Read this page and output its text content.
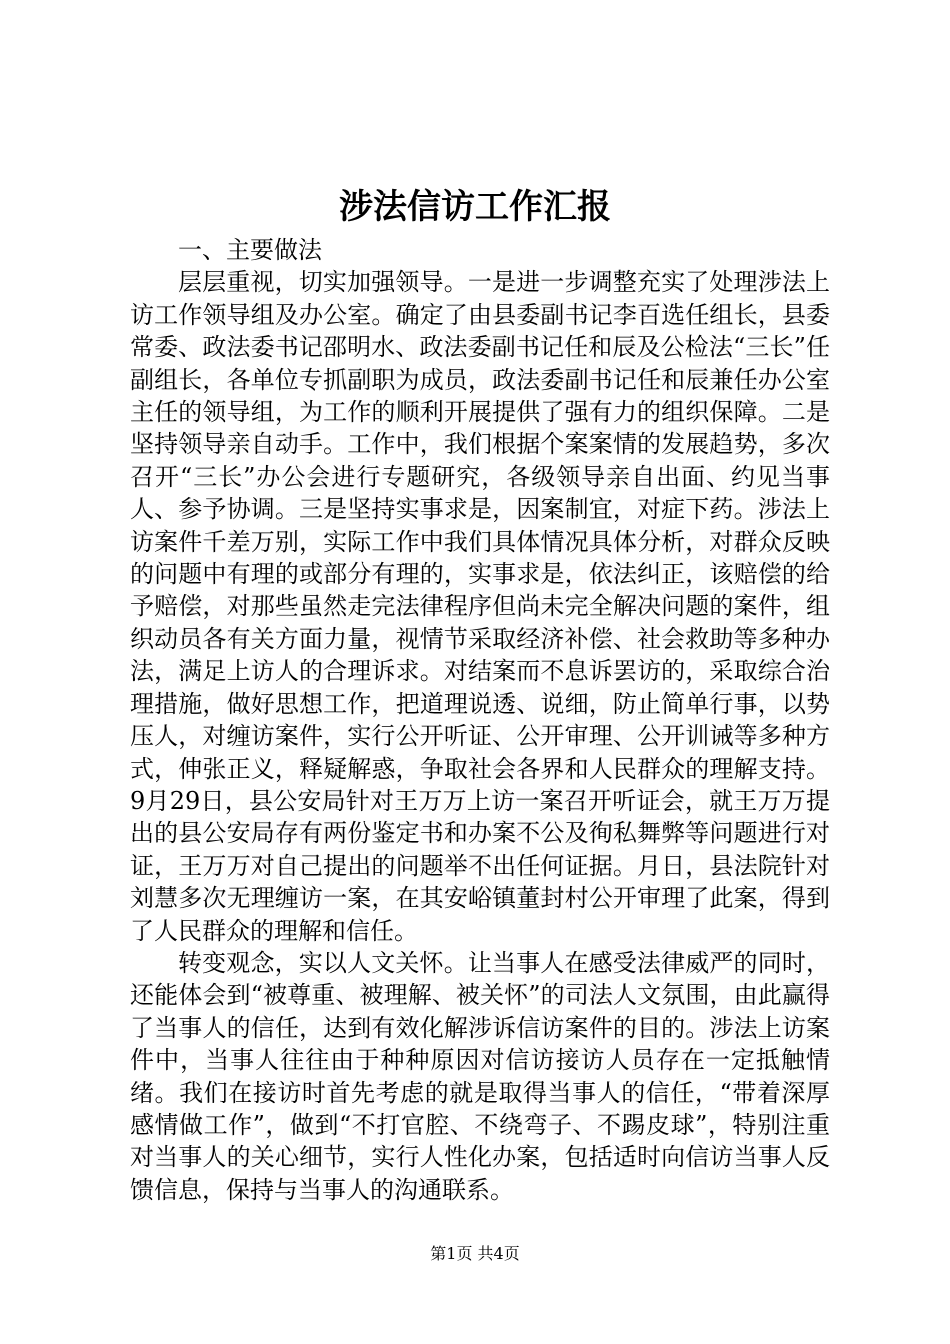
涉法信访工作汇报

一、主要做法

层层重视，切实加强领导。一是进一步调整充实了处理涉法上访工作领导组及办公室。确定了由县委副书记李百选任组长，县委常委、政法委书记邵明水、政法委副书记任和辰及公检法“三长”任副组长，各单位专抓副职为成员，政法委副书记任和辰兼任办公室主任的领导组，为工作的顺利开展提供了强有力的组织保障。二是坚持领导亲自动手。工作中，我们根据个案案情的发展趋势，多次召开“三长”办公会进行专题研究，各级领导亲自出面、约见当事人、参予协调。三是坚持实事求是，因案制宜，对症下药。涉法上访案件千差万别，实际工作中我们具体情况具体分析，对群众反映的问题中有理的或部分有理的，实事求是，依法纠正，该赔偿的给予赔偿，对那些虽然走完法律程序但尚未完全解决问题的案件，组织动员各有关方面力量，视情节采取经济补偿、社会救助等多种办法，满足上访人的合理诉求。对结案而不息诉罢访的，采取综合治理措施，做好思想工作，把道理说透、说细，防止简单行事，以势压人，对缠访案件，实行公开听证、公开审理、公开训诫等多种方式，伸张正义，释疑解惑，争取社会各界和人民群众的理解支持。9月29日，县公安局针对王万万上访一案召开听证会，就王万万提出的县公安局存有两份鉴定书和办案不公及徇私舞弊等问题进行对证，王万万对自己提出的问题举不出任何证据。月日，县法院针对刘慧多次无理缠访一案，在其安峪镇董封村公开审理了此案，得到了人民群众的理解和信任。

转变观念，实以人文关怀。让当事人在感受法律威严的同时，还能体会到“被尊重、被理解、被关怀”的司法人文氛围，由此赢得了当事人的信任，达到有效化解涉诉信访案件的目的。涉法上访案件中，当事人往往由于种种原因对信访接访人员存在一定抵触情绪。我们在接访时首先考虑的就是取得当事人的信任，“带着深厚感情做工作”，做到“不打官腔、不绕弯子、不踢皮球”，特别注重对当事人的关心细节，实行人性化办案，包括适时向信访当事人反馈信息，保持与当事人的沟通联系。

第1页 共4页
